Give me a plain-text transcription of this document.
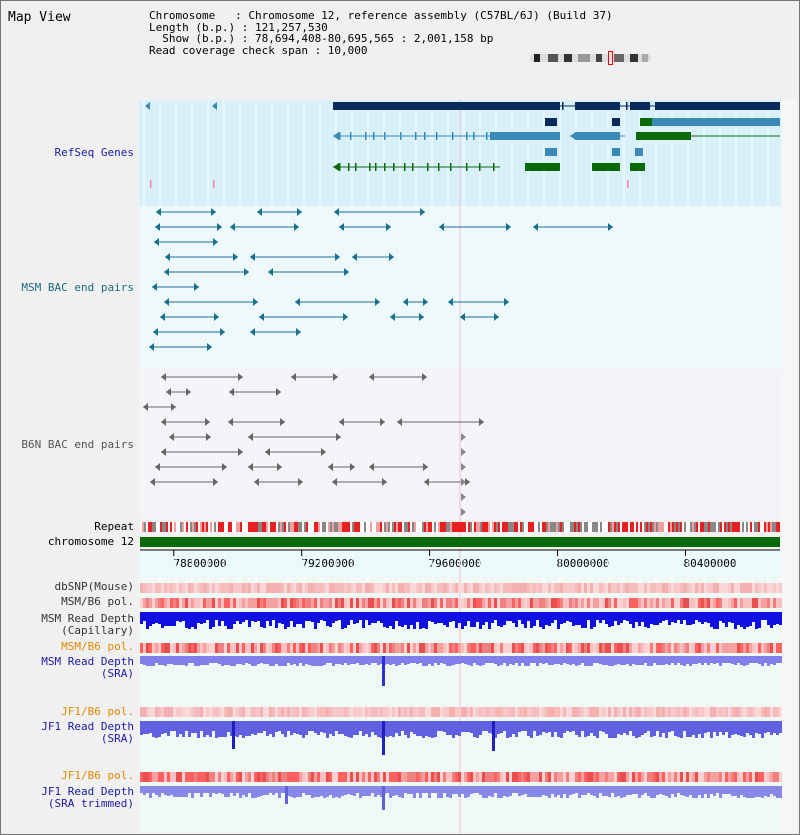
Map View	Chromosome   : Chromosome 12, reference assembly (C57BL/6J) (Build 37)
Length (b.p.) : 121,257,530
Show (b.p.) : 78,694,408-80,695,565 : 2,001,158 bp
Read coverage check span : 10,000
RefSeq Genes
MSM BAC end pairs
B6N BAC end pairs
Repeat
chromosome 12
dbSNP(Mouse)
MSM/B6 pol.
MSM Read Depth
(Capillary)
MSM/B6 pol.
MSM Read Depth
(SRA)
JF1/B6 pol.
JF1 Read Depth
(SRA)
JF1/B6 pol.
JF1 Read Depth
(SRA trimmed)
78800000	79200000	79600000	80000000	80400000
